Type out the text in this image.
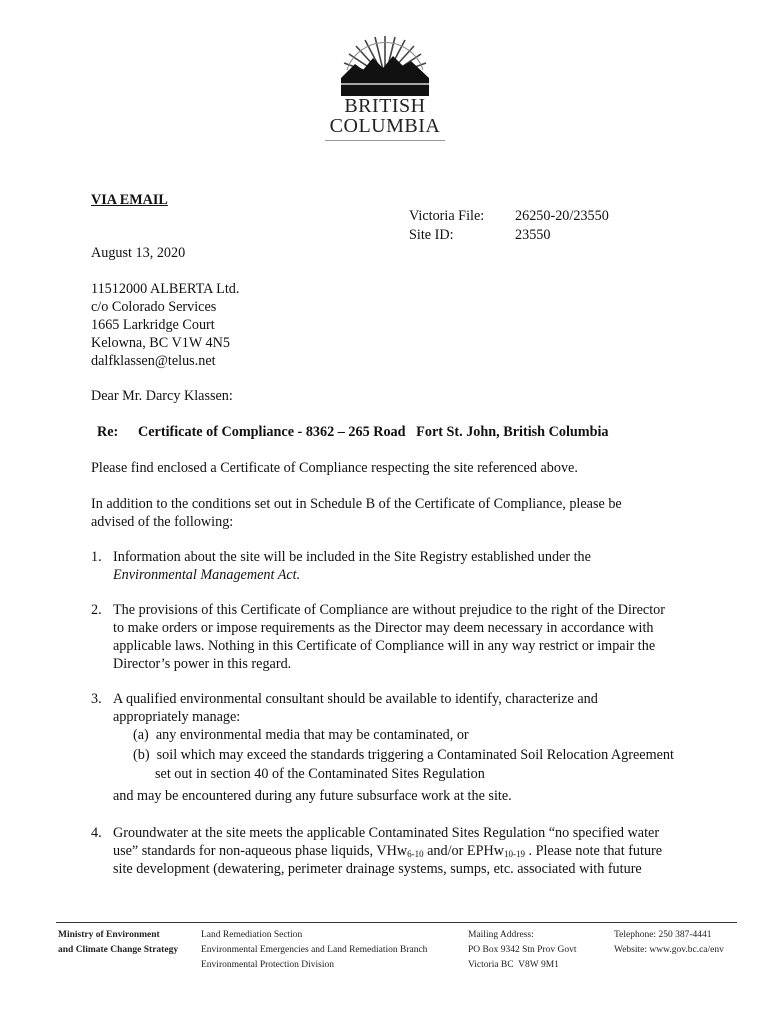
BRITISH
COLUMBIA
VIA EMAIL
Victoria File: 26250-20/23550
Site ID:	23550
August 13, 2020
11512000 ALBERTA Ltd.
c/o Colorado Services
1665 Larkridge Court
Kelowna, BC V1W 4N5
dalfklassen@telus.net
Dear Mr. Darcy Klassen:
Re: Certificate of Compliance - 8362 – 265 Road   Fort St. John, British Columbia
Please find enclosed a Certificate of Compliance respecting the site referenced above.
In addition to the conditions set out in Schedule B of the Certificate of Compliance, please be
advised of the following:
1. Information about the site will be included in the Site Registry established under the
Environmental Management Act.
2. The provisions of this Certificate of Compliance are without prejudice to the right of the Director
to make orders or impose requirements as the Director may deem necessary in accordance with
applicable laws. Nothing in this Certificate of Compliance will in any way restrict or impair the
Director’s power in this regard.
3. A qualified environmental consultant should be available to identify, characterize and
appropriately manage:
(a)  any environmental media that may be contaminated, or
(b)  soil which may exceed the standards triggering a Contaminated Soil Relocation Agreement
set out in section 40 of the Contaminated Sites Regulation
and may be encountered during any future subsurface work at the site.
4. Groundwater at the site meets the applicable Contaminated Sites Regulation “no specified water
use” standards for non-aqueous phase liquids, VHw$_{6-10}$ and/or EPHw$_{10-19}$ . Please note that future
site development (dewatering, perimeter drainage systems, sumps, etc. associated with future
Ministry of Environment
and Climate Change Strategy
Land Remediation Section
Environmental Emergencies and Land Remediation Branch
Environmental Protection Division
Mailing Address:
PO Box 9342 Stn Prov Govt
Victoria BC  V8W 9M1
Telephone: 250 387-4441
Website: www.gov.bc.ca/env
